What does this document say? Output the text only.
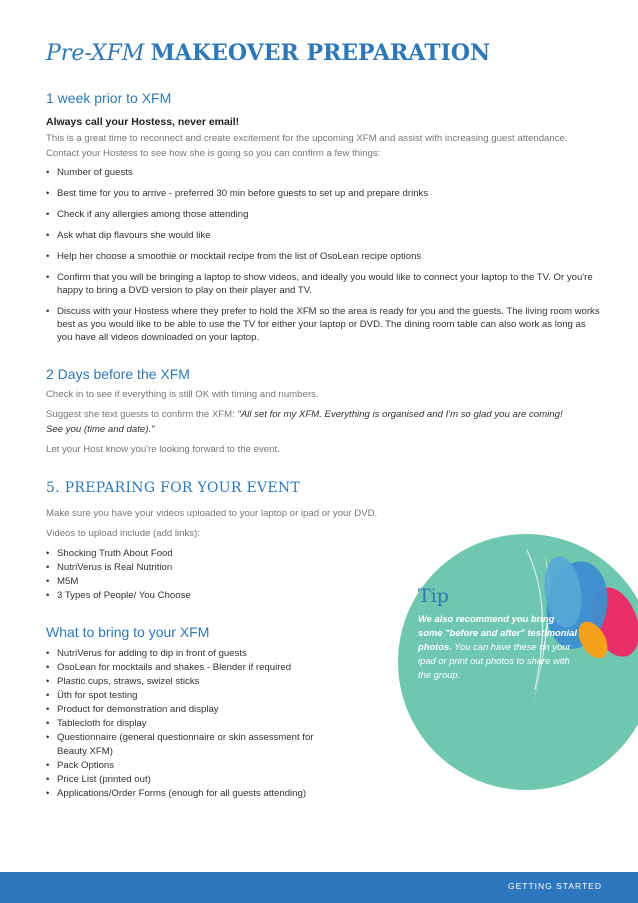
Pre-XFM MAKEOVER PREPARATION
1 week prior to XFM
Always call your Hostess, never email!
This is a great time to reconnect and create excitement for the upcoming XFM and assist with increasing guest attendance. Contact your Hostess to see how she is going so you can confirm a few things:
• Number of guests
• Best time for you to arrive - preferred 30 min before guests to set up and prepare drinks
• Check if any allergies among those attending
• Ask what dip flavours she would like
• Help her choose a smoothie or mocktail recipe from the list of OsoLean recipe options
• Confirm that you will be bringing a laptop to show videos, and ideally you would like to connect your laptop to the TV. Or you're happy to bring a DVD version to play on their player and TV.
• Discuss with your Hostess where they prefer to hold the XFM so the area is ready for you and the guests. The living room works best as you would like to be able to use the TV for either your laptop or DVD. The dining room table can also work as long as you have all videos downloaded on your laptop.
2 Days before the XFM
Check in to see if everything is still OK with timing and numbers.
Suggest she text guests to confirm the XFM: "All set for my XFM. Everything is organised and I'm so glad you are coming! See you (time and date)."
Let your Host know you're looking forward to the event.
5. PREPARING FOR YOUR EVENT
Make sure you have your videos uploaded to your laptop or ipad or your DVD.
Videos to upload include (add links):
• Shocking Truth About Food
• NutriVerus is Real Nutrition
• M5M
• 3 Types of People/ You Choose
What to bring to your XFM
• NutriVerus for adding to dip in front of guests
• OsoLean for mocktails and shakes - Blender if required
• Plastic cups, straws, swizel sticks
• Üth for spot testing
• Product for demonstration and display
• Tablecloth for display
• Questionnaire (general questionnaire or skin assessment for Beauty XFM)
• Pack Options
• Price List (printed out)
• Applications/Order Forms (enough for all guests attending)
Tip
We also recommend you bring some "before and after" testimonial photos. You can have these on your ipad or print out photos to share with the group.
GETTING STARTED
